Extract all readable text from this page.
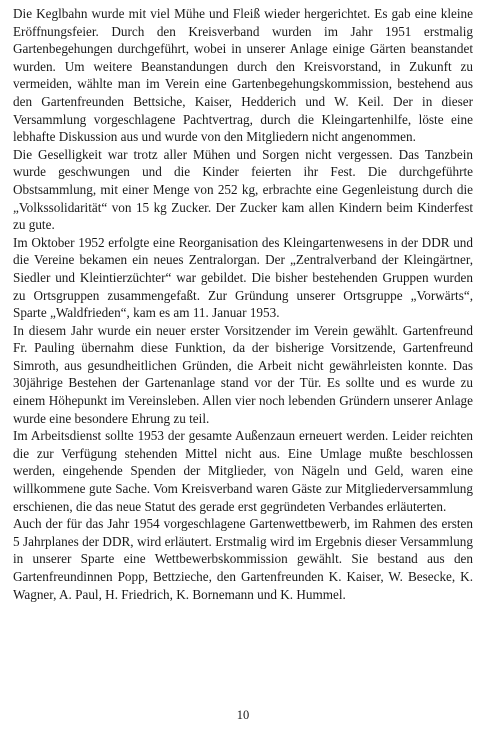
Die Keglbahn wurde mit viel Mühe und Fleiß wieder hergerichtet. Es gab eine kleine Eröffnungsfeier. Durch den Kreisverband wurden im Jahr 1951 erstmalig Gartenbegehungen durchgeführt, wobei in unserer Anlage einige Gärten beanstandet wurden. Um weitere Beanstandungen durch den Kreisvorstand, in Zukunft zu vermeiden, wählte man im Verein eine Gartenbegehungskommission, bestehend aus den Gartenfreunden Bettsiche, Kaiser, Hedderich und W. Keil. Der in dieser Versammlung vorgeschlagene Pachtvertrag, durch die Kleingartenhilfe, löste eine lebhafte Diskussion aus und wurde von den Mitgliedern nicht angenommen.

Die Geselligkeit war trotz aller Mühen und Sorgen nicht vergessen. Das Tanzbein wurde geschwungen und die Kinder feierten ihr Fest. Die durchgeführte Obstsammlung, mit einer Menge von 252 kg, erbrachte eine Gegenleistung durch die „Volkssolidarität“ von 15 kg Zucker. Der Zucker kam allen Kindern beim Kinderfest zu gute.

Im Oktober 1952 erfolgte eine Reorganisation des Kleingartenwesens in der DDR und die Vereine bekamen ein neues Zentralorgan. Der „Zentralverband der Kleingärtner, Siedler und Kleintierzüchter“ war gebildet. Die bisher bestehenden Gruppen wurden zu Ortsgruppen zusammengefaßt. Zur Gründung unserer Ortsgruppe „Vorwärts“, Sparte „Waldfrieden“, kam es am 11. Januar 1953.

In diesem Jahr wurde ein neuer erster Vorsitzender im Verein gewählt. Gartenfreund Fr. Pauling übernahm diese Funktion, da der bisherige Vorsitzende, Gartenfreund Simroth, aus gesundheitlichen Gründen, die Arbeit nicht gewährleisten konnte. Das 30jährige Bestehen der Gartenanlage stand vor der Tür. Es sollte und es wurde zu einem Höhepunkt im Vereinsleben. Allen vier noch lebenden Gründern unserer Anlage wurde eine besondere Ehrung zu teil.

Im Arbeitsdienst sollte 1953 der gesamte Außenzaun erneuert werden. Leider reichten die zur Verfügung stehenden Mittel nicht aus. Eine Umlage mußte beschlossen werden, eingehende Spenden der Mitglieder, von Nägeln und Geld, waren eine willkommene gute Sache. Vom Kreisverband waren Gäste zur Mitgliederversammlung erschienen, die das neue Statut des gerade erst gegründeten Verbandes erläuterten.

Auch der für das Jahr 1954 vorgeschlagene Gartenwettbewerb, im Rahmen des ersten 5 Jahrplanes der DDR, wird erläutert. Erstmalig wird im Ergebnis dieser Versammlung in unserer Sparte eine Wettbewerbskommission gewählt. Sie bestand aus den Gartenfreundinnen Popp, Bettzieche, den Gartenfreunden K. Kaiser, W. Besecke, K. Wagner, A. Paul, H. Friedrich, K. Bornemann und K. Hummel.

10
